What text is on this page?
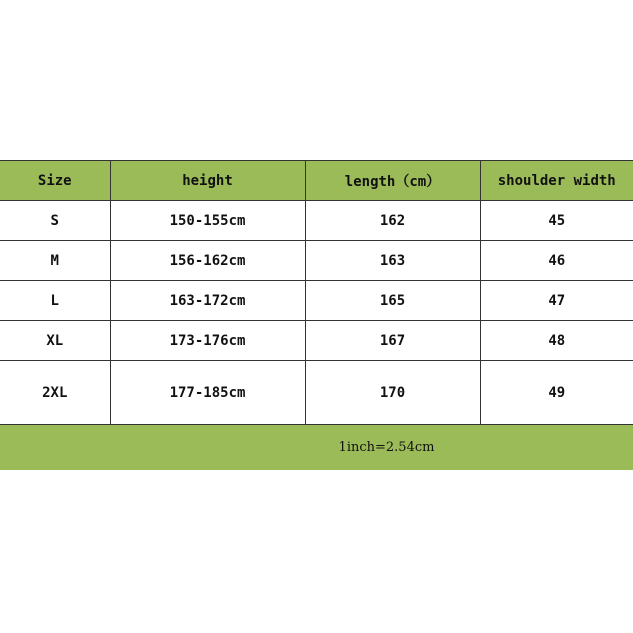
Size	height	length（cm）	shoulder width
S	150-155cm	162	45
M	156-162cm	163	46
L	163-172cm	165	47
XL	173-176cm	167	48
2XL	177-185cm	170	49
1inch=2.54cm			
